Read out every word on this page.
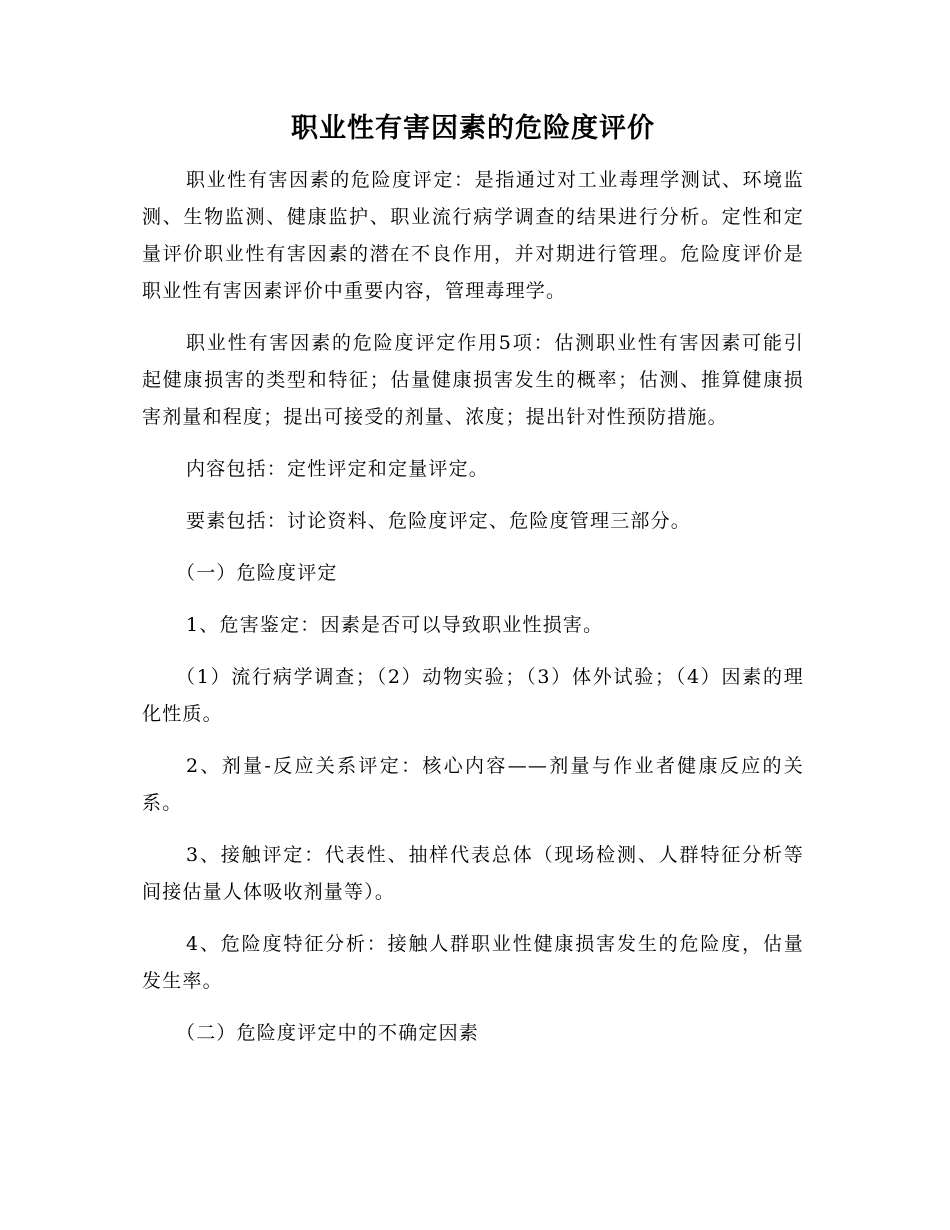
职业性有害因素的危险度评价

职业性有害因素的危险度评定：是指通过对工业毒理学测试、环境监测、生物监测、健康监护、职业流行病学调查的结果进行分析。定性和定量评价职业性有害因素的潜在不良作用，并对期进行管理。危险度评价是职业性有害因素评价中重要内容，管理毒理学。

职业性有害因素的危险度评定作用5项：估测职业性有害因素可能引起健康损害的类型和特征；估量健康损害发生的概率；估测、推算健康损害剂量和程度；提出可接受的剂量、浓度；提出针对性预防措施。

内容包括：定性评定和定量评定。

要素包括：讨论资料、危险度评定、危险度管理三部分。

（一）危险度评定

1、危害鉴定：因素是否可以导致职业性损害。

（1）流行病学调查；（2）动物实验；（3）体外试验；（4）因素的理化性质。

2、剂量-反应关系评定：核心内容——剂量与作业者健康反应的关系。

3、接触评定：代表性、抽样代表总体（现场检测、人群特征分析等间接估量人体吸收剂量等）。

4、危险度特征分析：接触人群职业性健康损害发生的危险度，估量发生率。

（二）危险度评定中的不确定因素
